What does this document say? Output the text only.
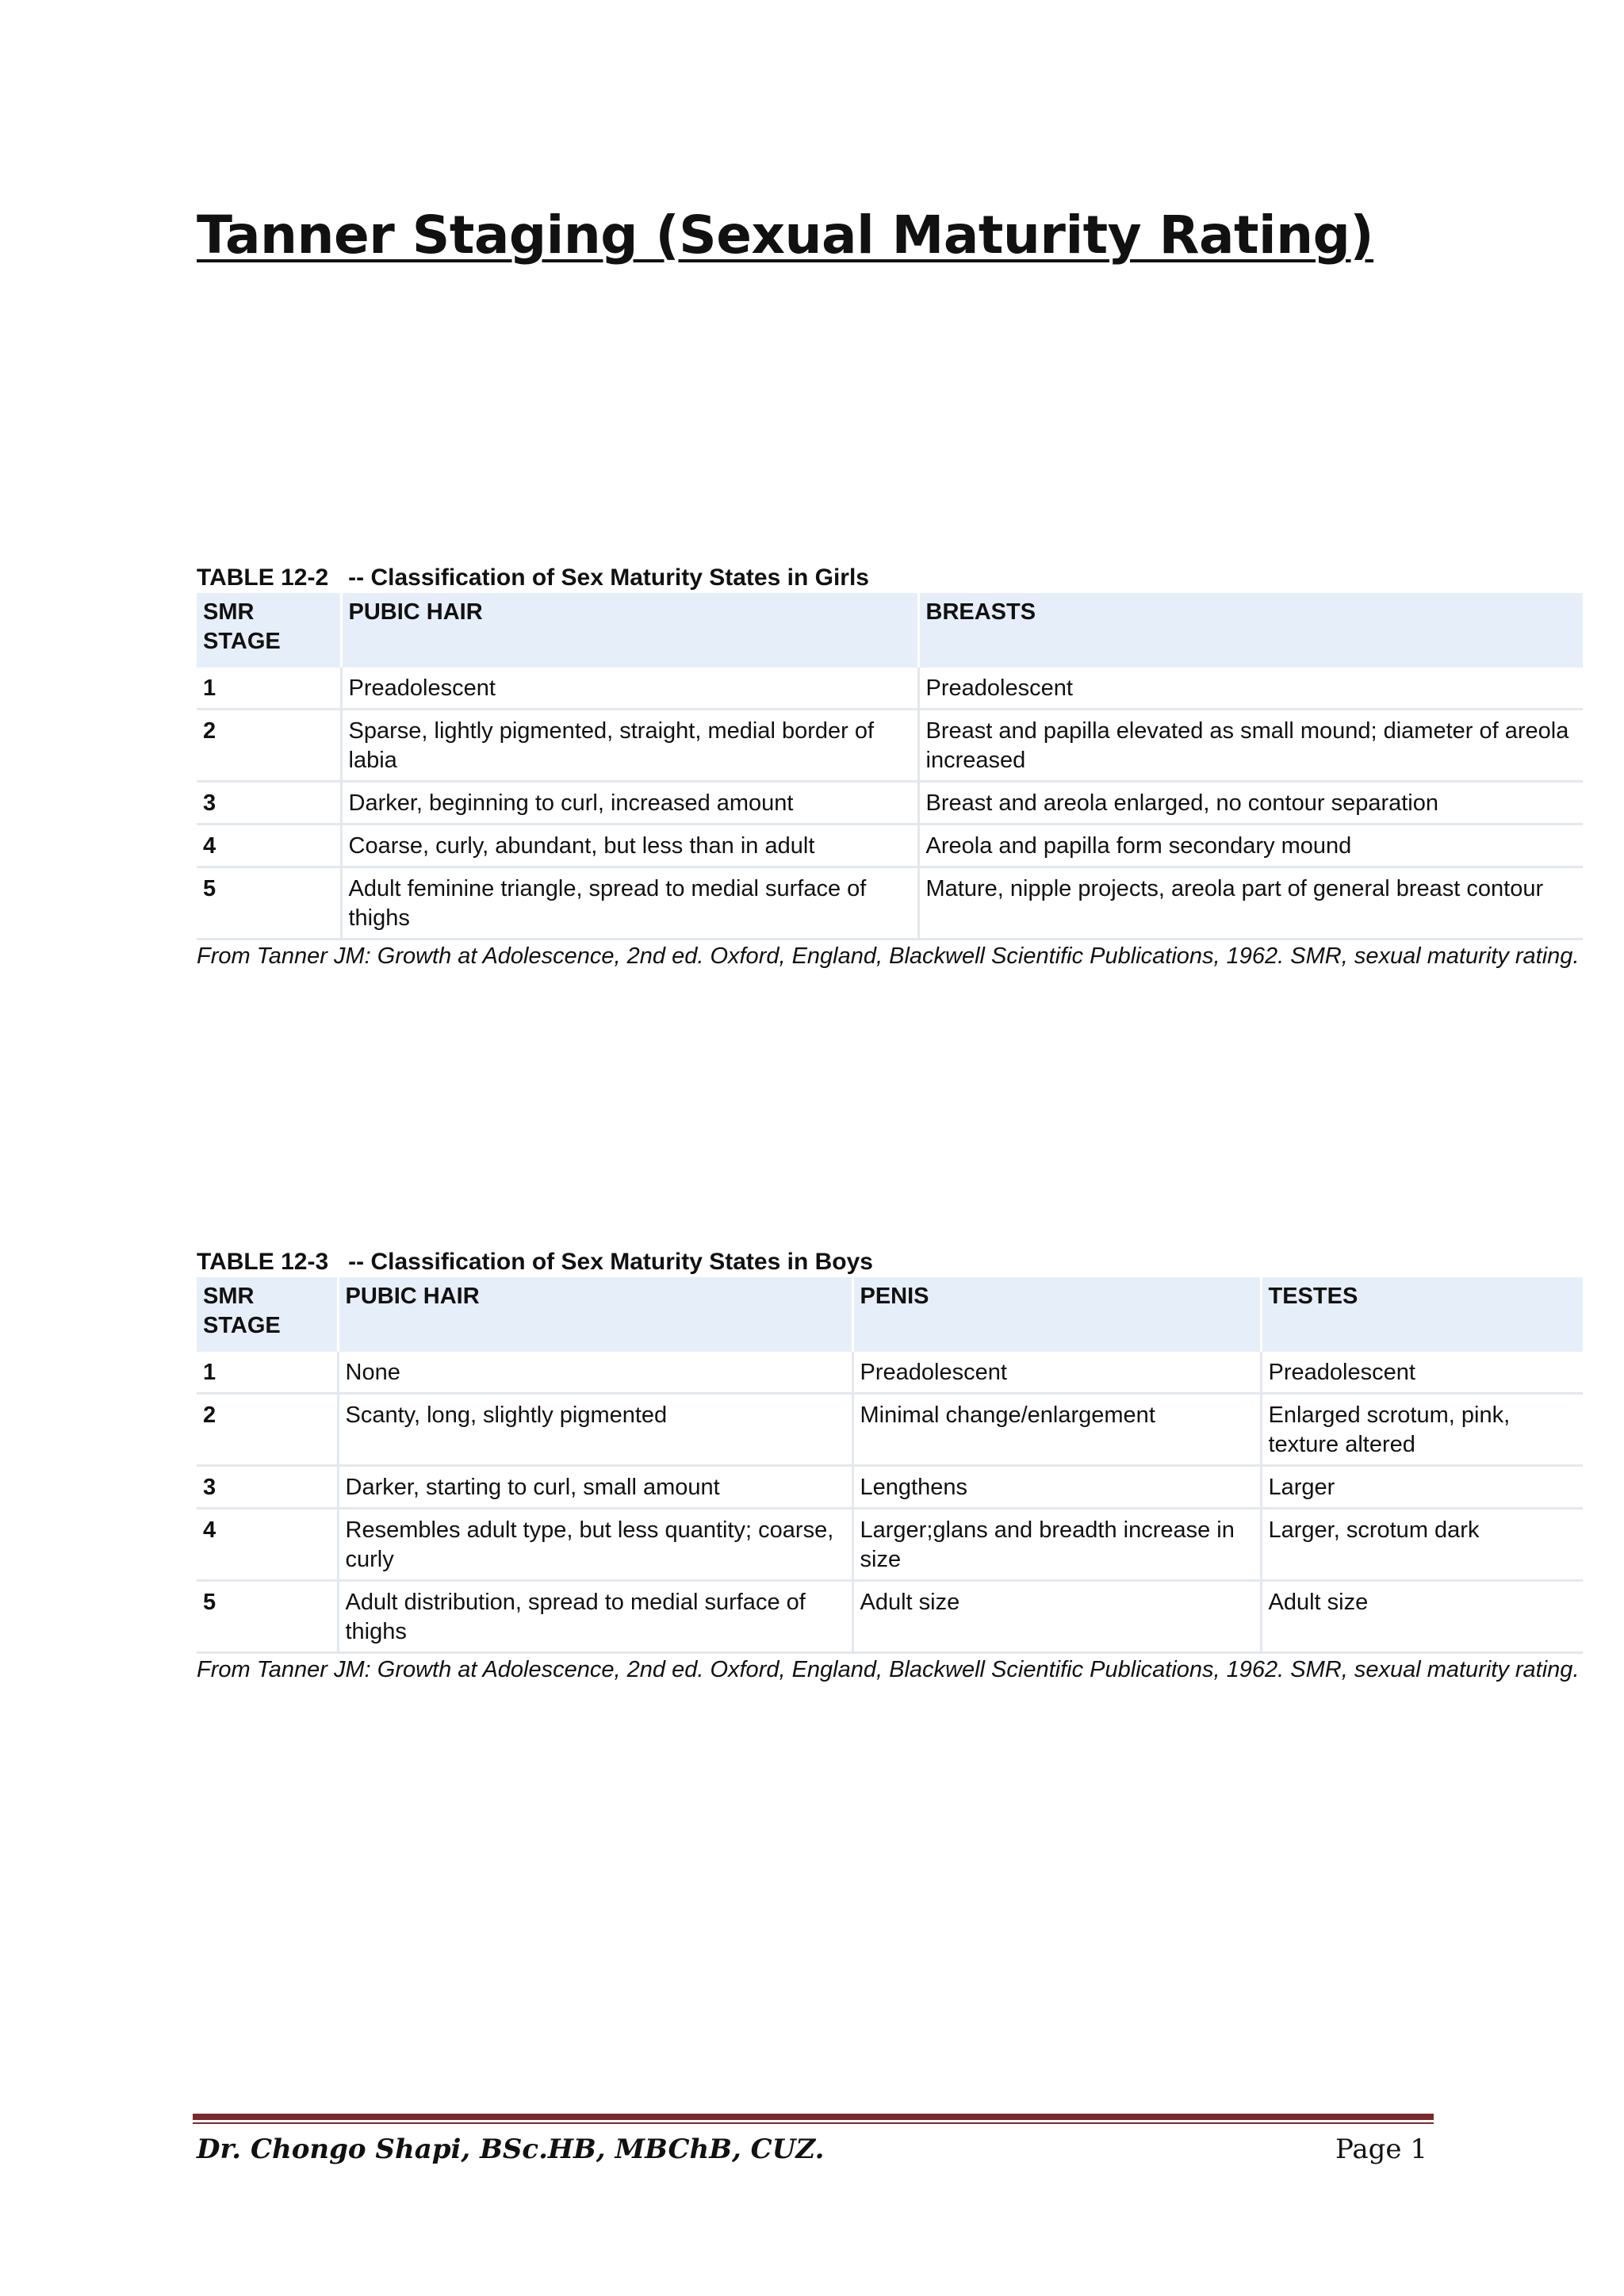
Tanner Staging (Sexual Maturity Rating)
TABLE 12-2   -- Classification of Sex Maturity States in Girls
SMR STAGE	PUBIC HAIR	BREASTS
1	Preadolescent	Preadolescent
2	Sparse, lightly pigmented, straight, medial border of labia	Breast and papilla elevated as small mound; diameter of areola increased
3	Darker, beginning to curl, increased amount	Breast and areola enlarged, no contour separation
4	Coarse, curly, abundant, but less than in adult	Areola and papilla form secondary mound
5	Adult feminine triangle, spread to medial surface of thighs	Mature, nipple projects, areola part of general breast contour
From Tanner JM: Growth at Adolescence, 2nd ed. Oxford, England, Blackwell Scientific Publications, 1962. SMR, sexual maturity rating.
TABLE 12-3   -- Classification of Sex Maturity States in Boys
SMR STAGE	PUBIC HAIR	PENIS	TESTES
1	None	Preadolescent	Preadolescent
2	Scanty, long, slightly pigmented	Minimal change/enlargement	Enlarged scrotum, pink, texture altered
3	Darker, starting to curl, small amount	Lengthens	Larger
4	Resembles adult type, but less quantity; coarse, curly	Larger;glans and breadth increase in size	Larger, scrotum dark
5	Adult distribution, spread to medial surface of thighs	Adult size	Adult size
From Tanner JM: Growth at Adolescence, 2nd ed. Oxford, England, Blackwell Scientific Publications, 1962. SMR, sexual maturity rating.
Dr. Chongo Shapi, BSc.HB, MBChB, CUZ.	Page 1
